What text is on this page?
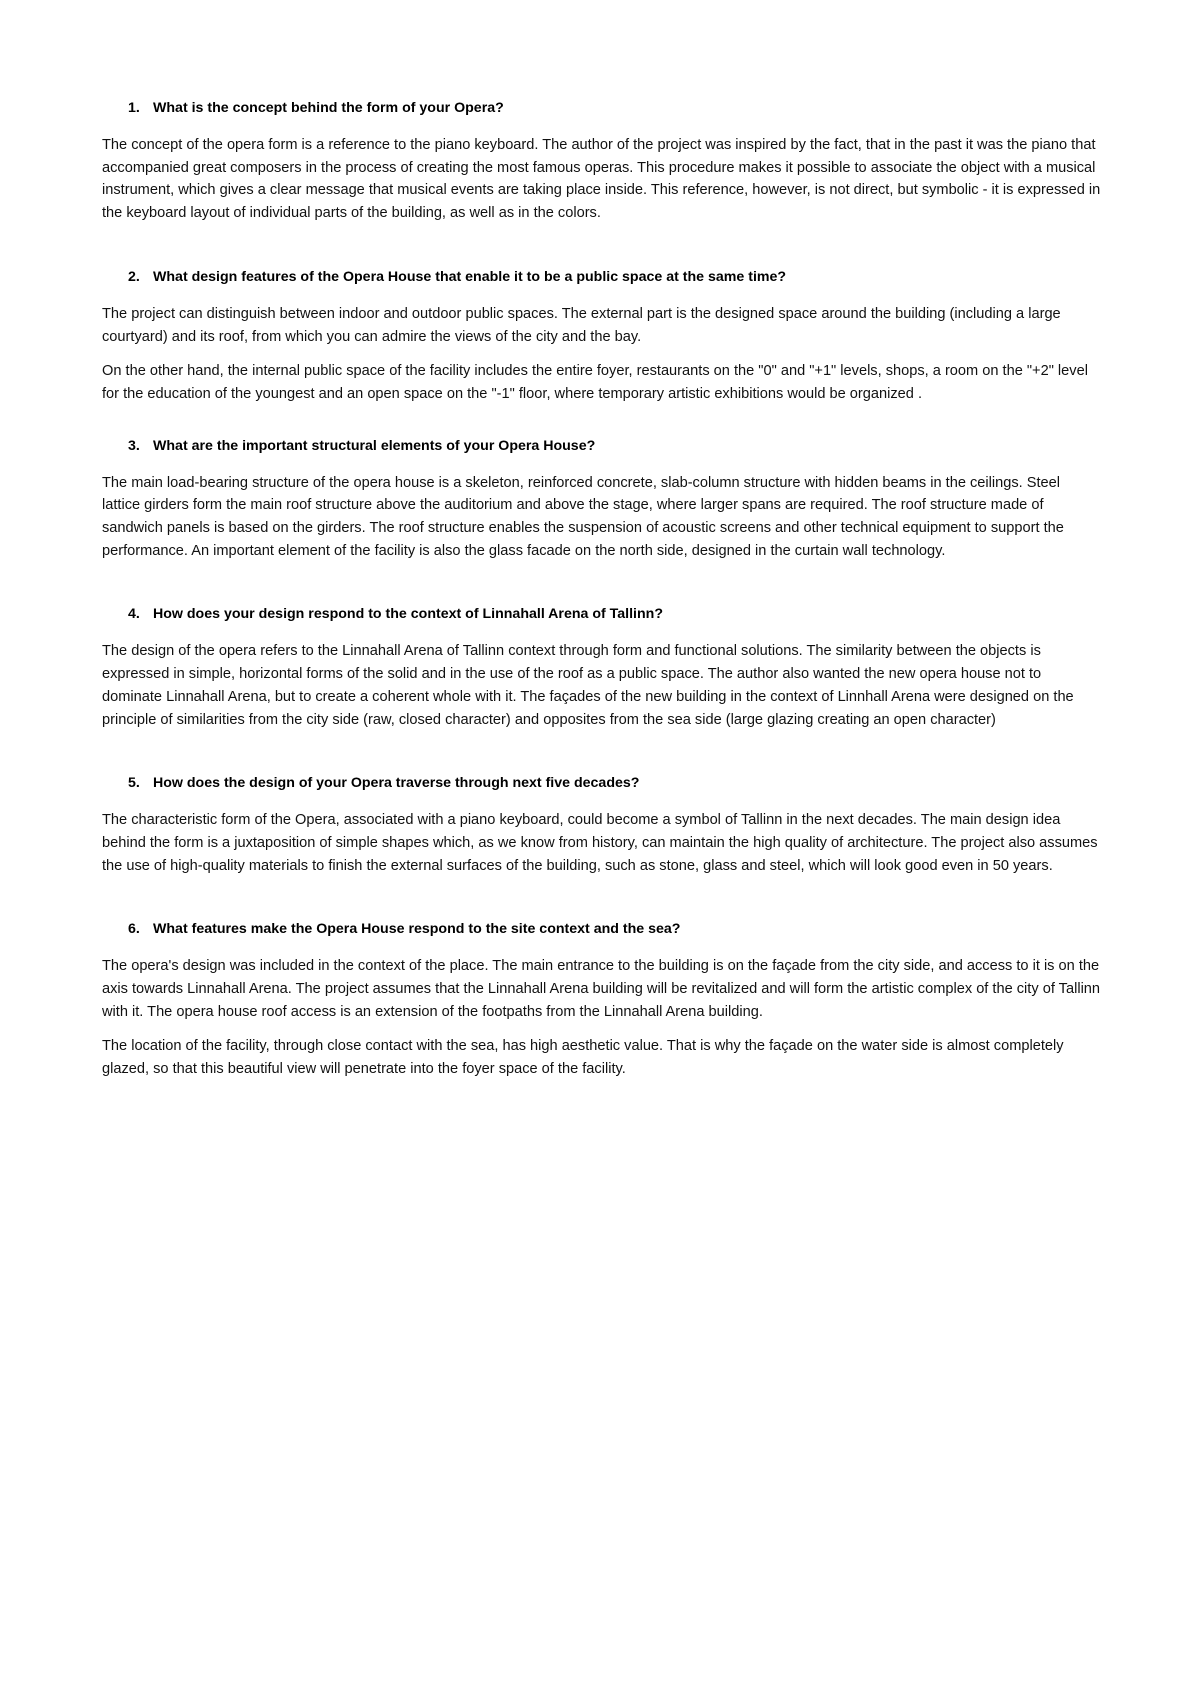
1. What is the concept behind the form of your Opera?

The concept of the opera form is a reference to the piano keyboard. The author of the project was inspired by the fact, that in the past it was the piano that accompanied great composers in the process of creating the most famous operas. This procedure makes it possible to associate the object with a musical instrument, which gives a clear message that musical events are taking place inside. This reference, however, is not direct, but symbolic - it is expressed in the keyboard layout of individual parts of the building, as well as in the colors.

2. What design features of the Opera House that enable it to be a public space at the same time?

The project can distinguish between indoor and outdoor public spaces. The external part is the designed space around the building (including a large courtyard) and its roof, from which you can admire the views of the city and the bay.

On the other hand, the internal public space of the facility includes the entire foyer, restaurants on the "0" and "+1" levels, shops, a room on the "+2" level for the education of the youngest and an open space on the "-1" floor, where temporary artistic exhibitions would be organized .

3. What are the important structural elements of your Opera House?

The main load-bearing structure of the opera house is a skeleton, reinforced concrete, slab-column structure with hidden beams in the ceilings. Steel lattice girders form the main roof structure above the auditorium and above the stage, where larger spans are required. The roof structure made of sandwich panels is based on the girders. The roof structure enables the suspension of acoustic screens and other technical equipment to support the performance. An important element of the facility is also the glass facade on the north side, designed in the curtain wall technology.

4. How does your design respond to the context of Linnahall Arena of Tallinn?

The design of the opera refers to the Linnahall Arena of Tallinn context through form and functional solutions. The similarity between the objects is expressed in simple, horizontal forms of the solid and in the use of the roof as a public space. The author also wanted the new opera house not to dominate Linnahall Arena, but to create a coherent whole with it. The façades of the new building in the context of Linnhall Arena were designed on the principle of similarities from the city side (raw, closed character) and opposites from the sea side (large glazing creating an open character)

5. How does the design of your Opera traverse through next five decades?

The characteristic form of the Opera, associated with a piano keyboard, could become a symbol of Tallinn in the next decades. The main design idea behind the form is a juxtaposition of simple shapes which, as we know from history, can maintain the high quality of architecture. The project also assumes the use of high-quality materials to finish the external surfaces of the building, such as stone, glass and steel, which will look good even in 50 years.

6. What features make the Opera House respond to the site context and the sea?

The opera's design was included in the context of the place. The main entrance to the building is on the façade from the city side, and access to it is on the axis towards Linnahall Arena. The project assumes that the Linnahall Arena building will be revitalized and will form the artistic complex of the city of Tallinn with it. The opera house roof access is an extension of the footpaths from the Linnahall Arena building.

The location of the facility, through close contact with the sea, has high aesthetic value. That is why the façade on the water side is almost completely glazed, so that this beautiful view will penetrate into the foyer space of the facility.
